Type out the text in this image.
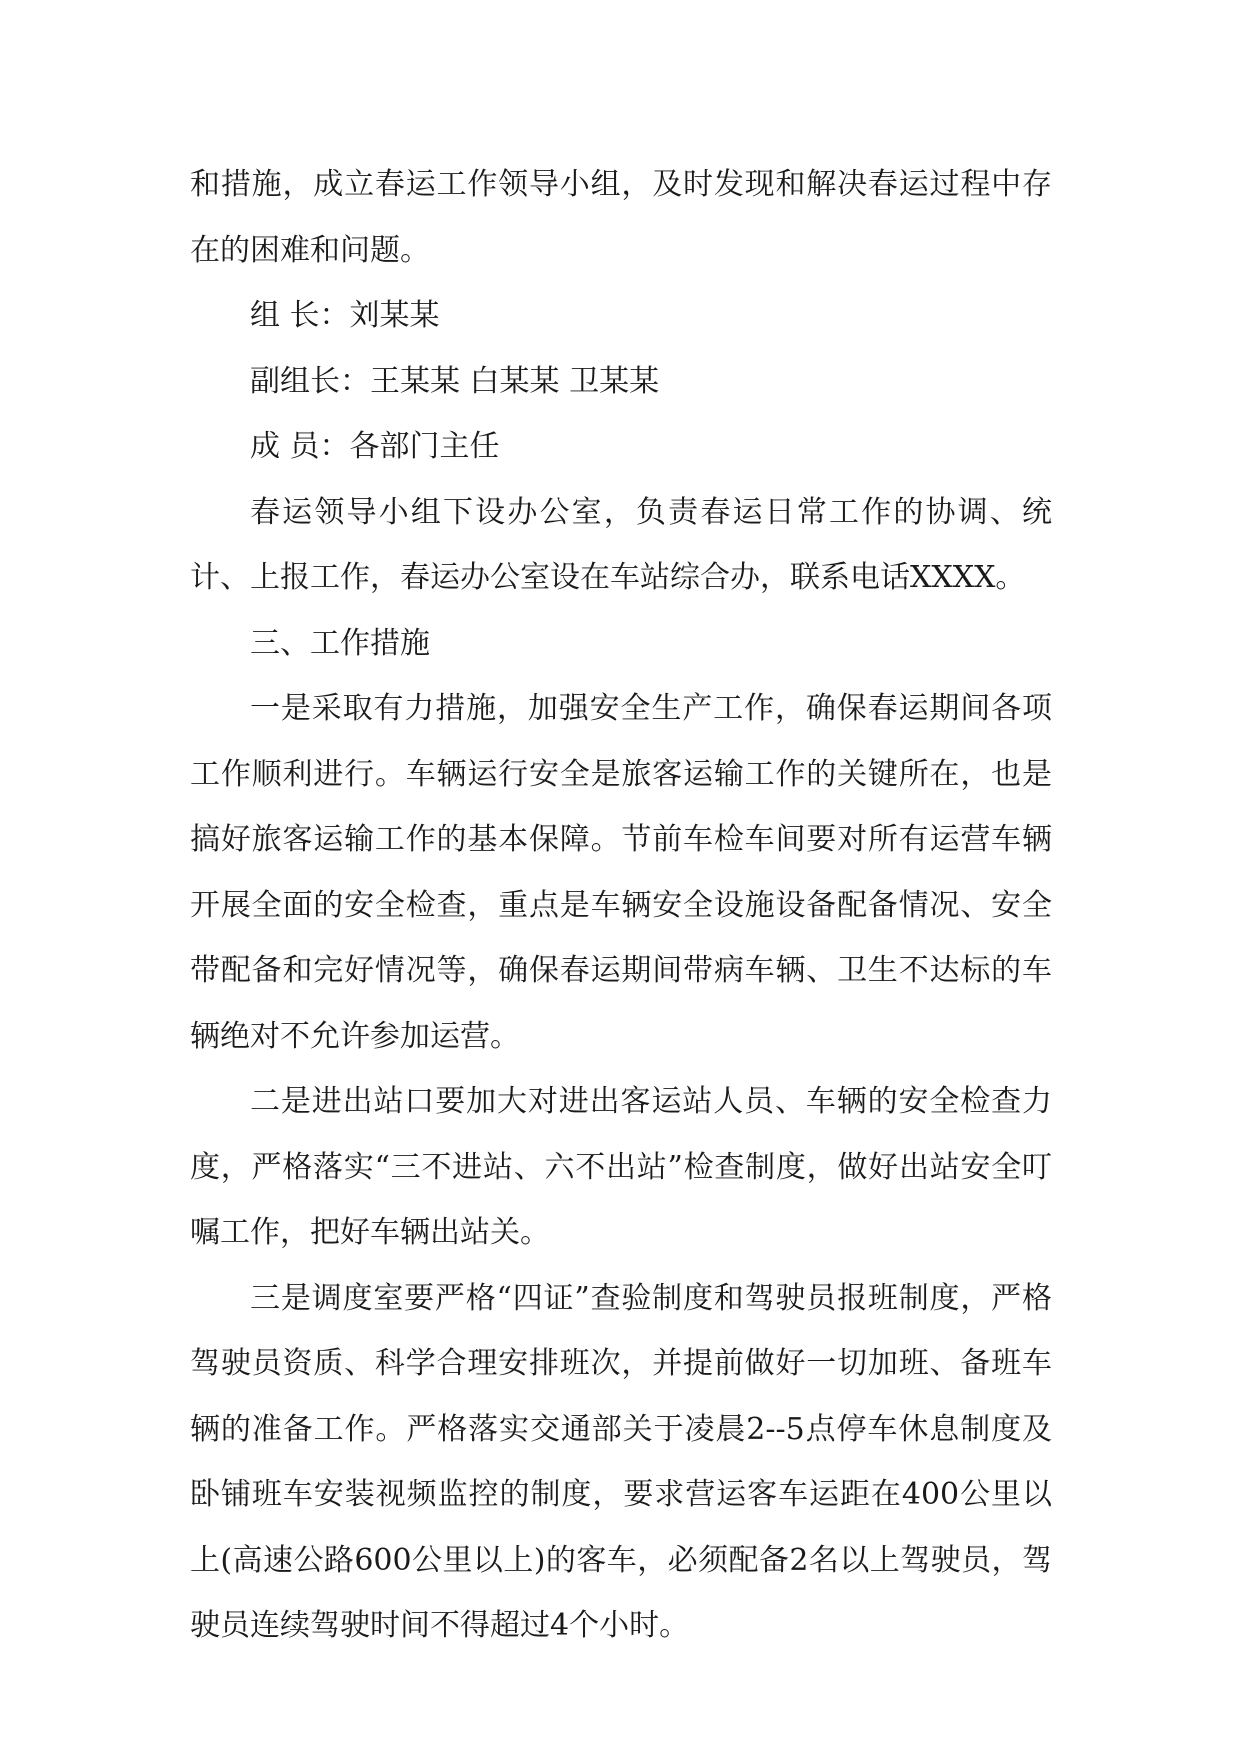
和措施，成立春运工作领导小组，及时发现和解决春运过程中存在的困难和问题。

组 长：刘某某

副组长：王某某 白某某 卫某某

成 员：各部门主任

春运领导小组下设办公室，负责春运日常工作的协调、统计、上报工作，春运办公室设在车站综合办，联系电话XXXX。

三、工作措施

一是采取有力措施，加强安全生产工作，确保春运期间各项工作顺利进行。车辆运行安全是旅客运输工作的关键所在，也是搞好旅客运输工作的基本保障。节前车检车间要对所有运营车辆开展全面的安全检查，重点是车辆安全设施设备配备情况、安全带配备和完好情况等，确保春运期间带病车辆、卫生不达标的车辆绝对不允许参加运营。

二是进出站口要加大对进出客运站人员、车辆的安全检查力度，严格落实“三不进站、六不出站”检查制度，做好出站安全叮嘱工作，把好车辆出站关。

三是调度室要严格“四证”查验制度和驾驶员报班制度，严格驾驶员资质、科学合理安排班次，并提前做好一切加班、备班车辆的准备工作。严格落实交通部关于凌晨2--5点停车休息制度及卧铺班车安装视频监控的制度，要求营运客车运距在400公里以上(高速公路600公里以上)的客车，必须配备2名以上驾驶员，驾驶员连续驾驶时间不得超过4个小时。
